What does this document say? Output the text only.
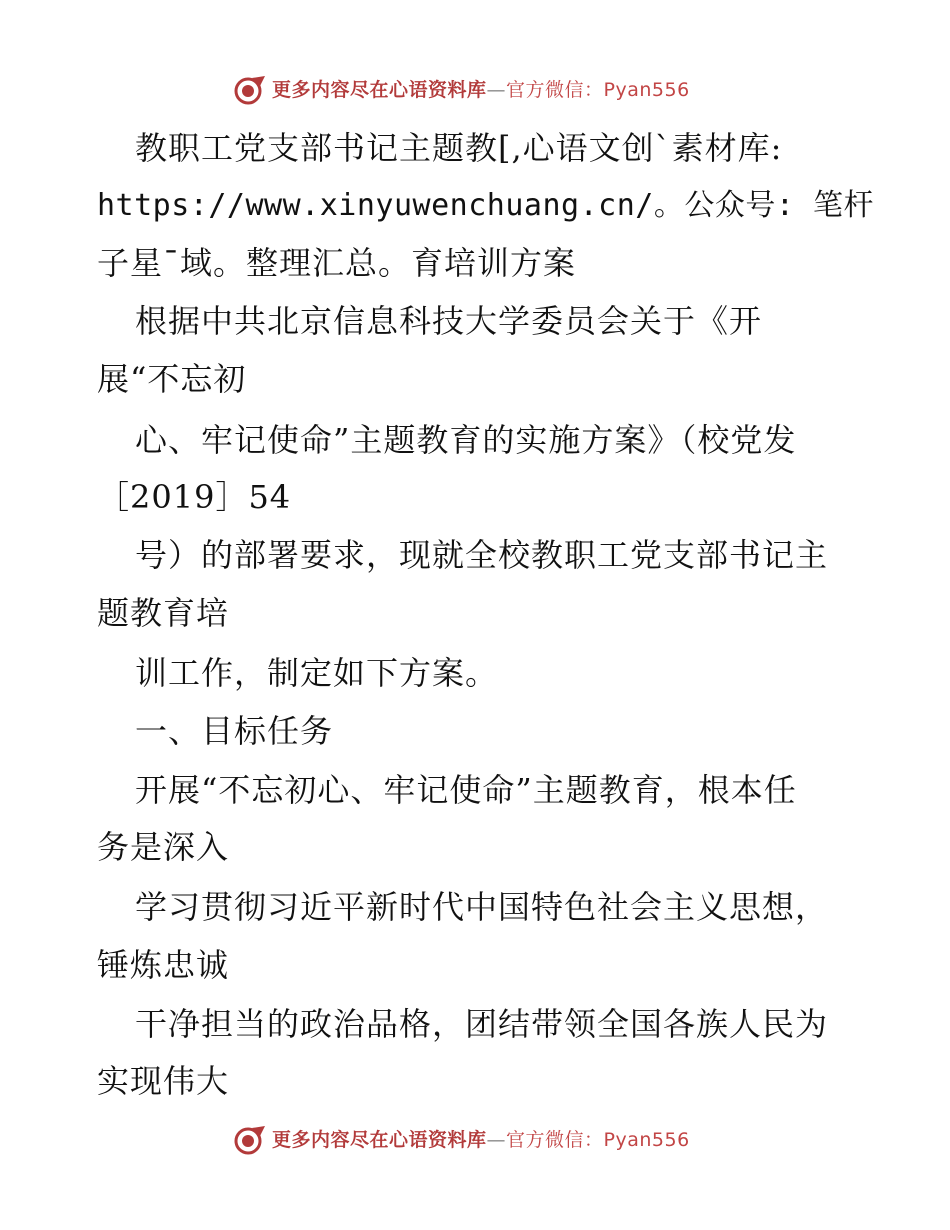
更多内容尽在心语资料库—官方微信：Pyan556
教职工党支部书记主题教[,心语文创`素材库:
https://www.xinyuwenchuang.cn/。公众号: 笔杆
子星¯域。整理汇总。育培训方案
根据中共北京信息科技大学委员会关于《开
展“不忘初
心、牢记使命”主题教育的实施方案》（校党发
［2019］54
号）的部署要求，现就全校教职工党支部书记主
题教育培
训工作，制定如下方案。
一、目标任务
开展“不忘初心、牢记使命”主题教育，根本任
务是深入
学习贯彻习近平新时代中国特色社会主义思想，
锤炼忠诚
干净担当的政治品格，团结带领全国各族人民为
实现伟大
更多内容尽在心语资料库—官方微信：Pyan556
